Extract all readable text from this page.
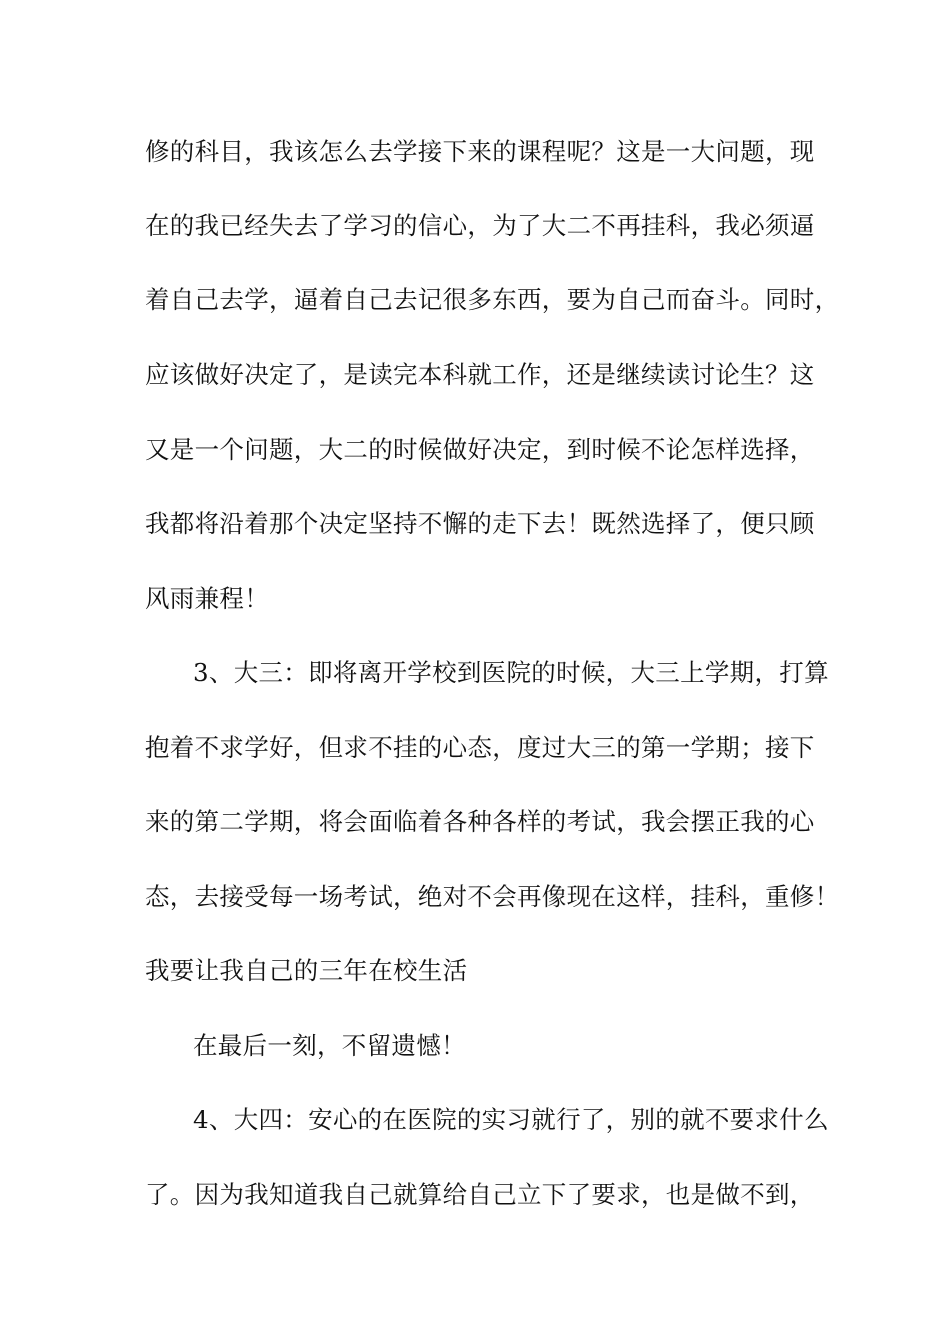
修的科目，我该怎么去学接下来的课程呢？这是一大问题，现
在的我已经失去了学习的信心，为了大二不再挂科，我必须逼
着自己去学，逼着自己去记很多东西，要为自己而奋斗。同时，
应该做好决定了，是读完本科就工作，还是继续读讨论生？这
又是一个问题，大二的时候做好决定，到时候不论怎样选择，
我都将沿着那个决定坚持不懈的走下去！既然选择了，便只顾
风雨兼程！
3、大三：即将离开学校到医院的时候，大三上学期，打算
抱着不求学好，但求不挂的心态，度过大三的第一学期；接下
来的第二学期，将会面临着各种各样的考试，我会摆正我的心
态，去接受每一场考试，绝对不会再像现在这样，挂科，重修！
我要让我自己的三年在校生活
在最后一刻，不留遗憾！
4、大四：安心的在医院的实习就行了，别的就不要求什么
了。因为我知道我自己就算给自己立下了要求，也是做不到，
